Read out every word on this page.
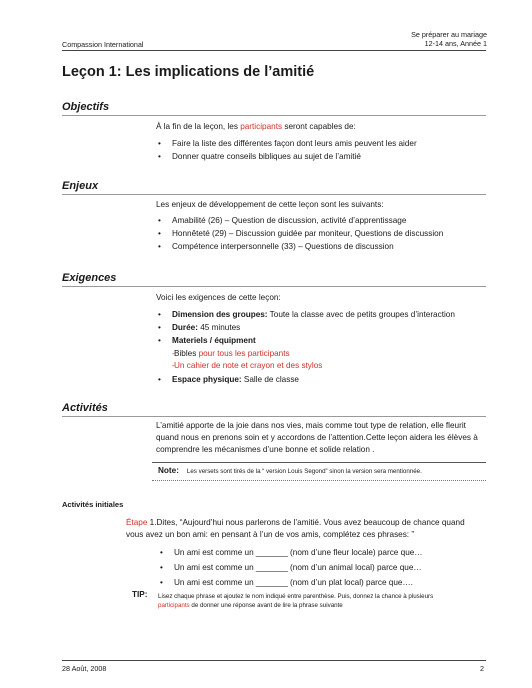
Se préparer au mariage
12-14 ans, Année 1
Compassion International
Leçon 1: Les implications de l’amitié
Objectifs
À la fin de la leçon, les participants seront capables de:
• Faire la liste des différentes façon dont leurs amis peuvent les aider
• Donner quatre conseils bibliques au sujet de l’amitié
Enjeux
Les enjeux de développement de cette leçon sont les suivants:
• Amabilité (26) – Question de discussion, activité d’apprentissage
• Honnêteté (29) – Discussion guidée par moniteur, Questions de discussion
• Compétence interpersonnelle (33) – Questions de discussion
Exigences
Voici les exigences de cette leçon:
• Dimension des groupes: Toute la classe avec de petits groupes d’interaction
• Durée: 45 minutes
• Materiels / équipment
- Bibles pour tous les participants
- Un cahier de note et crayon et des stylos
• Espace physique: Salle de classe
Activités
L’amitié apporte de la joie dans nos vies, mais comme tout type de relation, elle fleurit quand nous en prenons soin et y accordons de l’attention.Cette leçon aidera les élèves à comprendre les mécanismes d’une bonne et solide relation .
Note: Les versets sont tirés de la “ version Louis Segond” sinon la version sera mentionnée.
Activités initiales
Étape 1.Dites, “Aujourd’hui nous parlerons de l’amitié. Vous avez beaucoup de chance quand vous avez un bon ami: en pensant à l’un de vos amis, complétez ces phrases: ”
• Un ami est comme un _______ (nom d’une fleur locale) parce que…
• Un ami est comme un _______ (nom d’un animal local) parce que…
• Un ami est comme un _______ (nom d’un plat local) parce que….
TIP: Lisez chaque phrase et ajoutez le nom indiqué entre parenthèse. Puis, donnez la chance à plusieurs
participants de donner une réponse avant de lire la phrase suivante
28 Août, 2008	2
